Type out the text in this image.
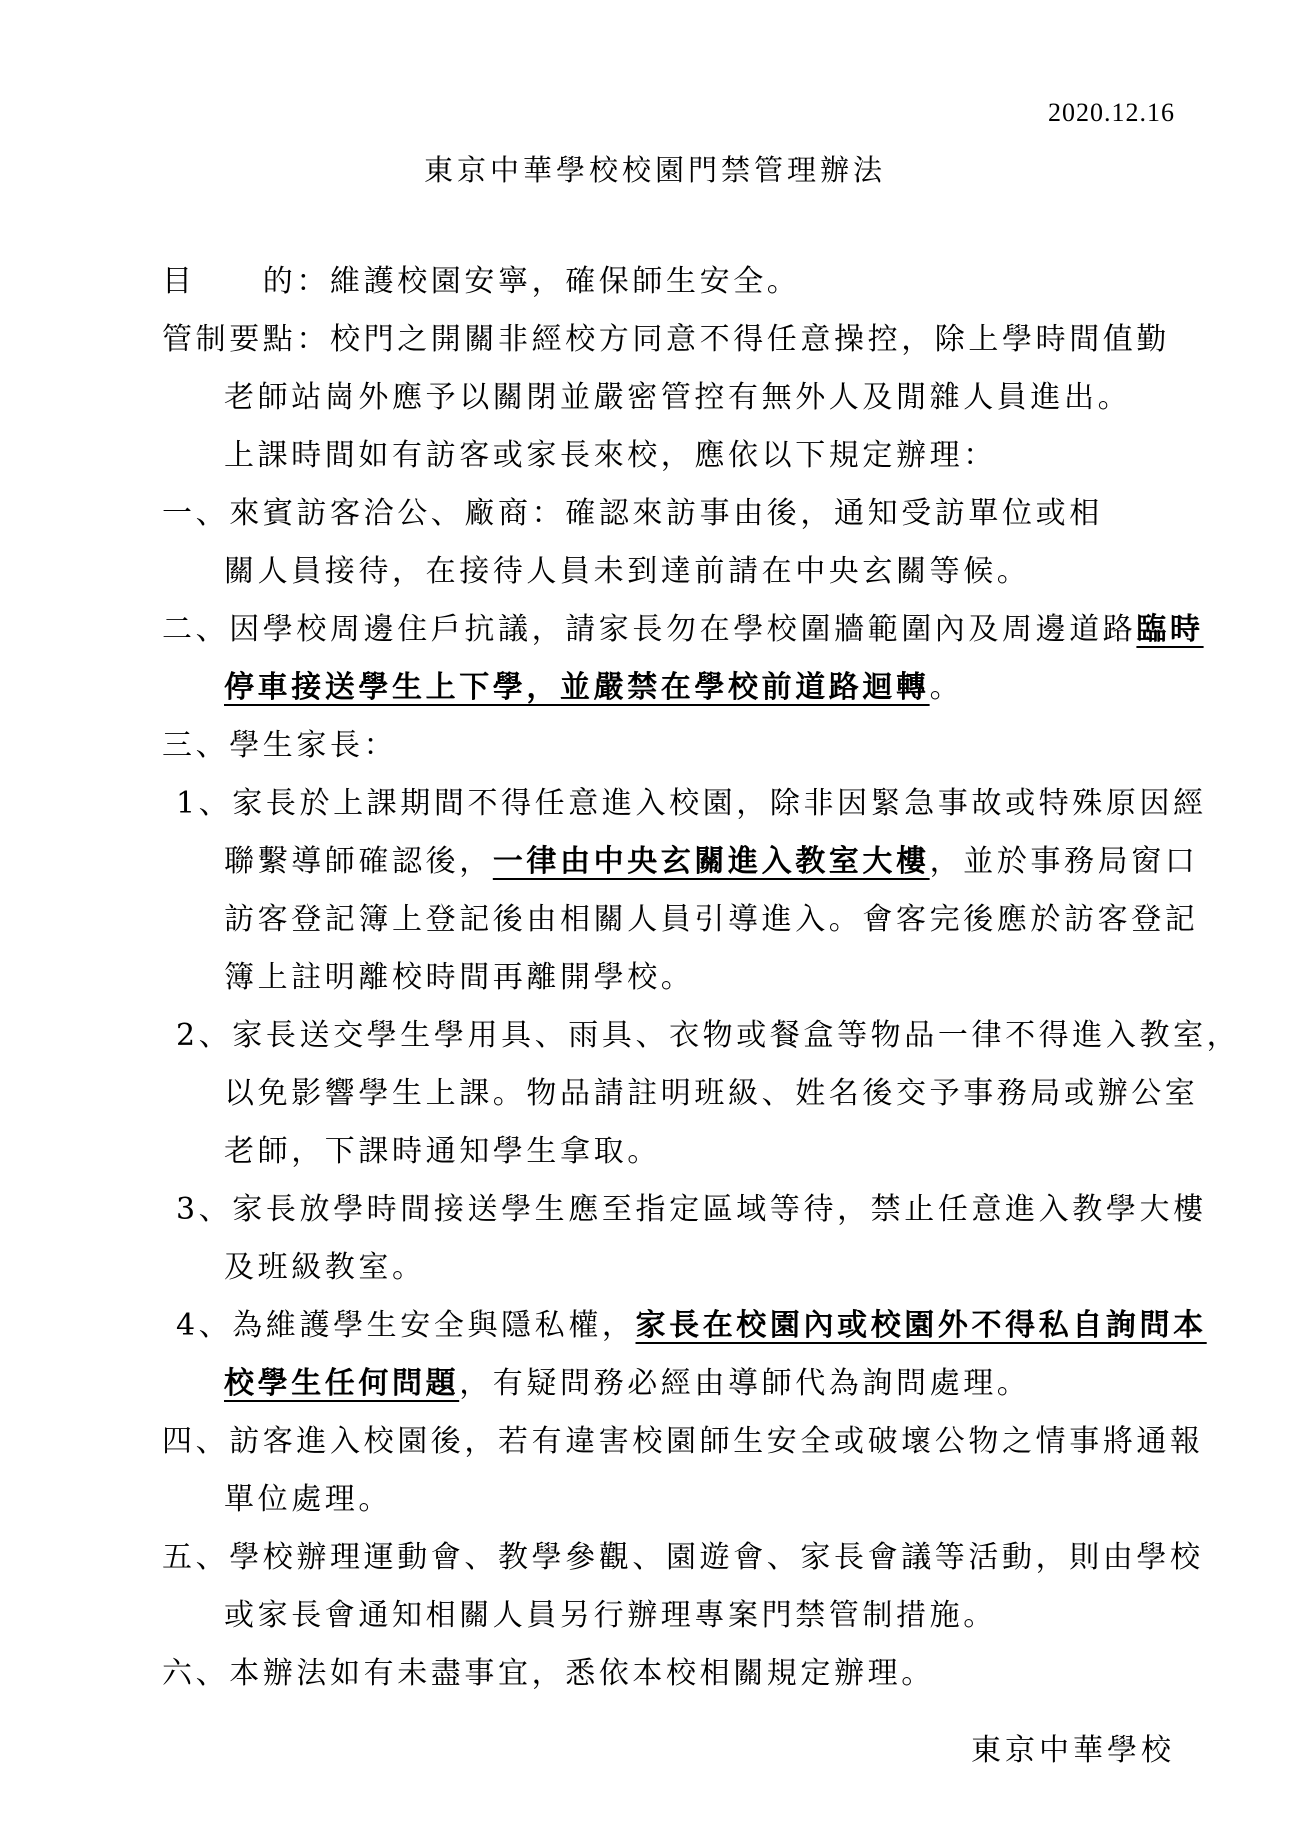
2020.12.16
東京中華學校校園門禁管理辦法
目　　的：維護校園安寧，確保師生安全。
管制要點：校門之開關非經校方同意不得任意操控，除上學時間值勤
老師站崗外應予以關閉並嚴密管控有無外人及閒雜人員進出。
上課時間如有訪客或家長來校，應依以下規定辦理：
一、來賓訪客洽公、廠商：確認來訪事由後，通知受訪單位或相
關人員接待，在接待人員未到達前請在中央玄關等候。
二、因學校周邊住戶抗議，請家長勿在學校圍牆範圍內及周邊道路臨時
停車接送學生上下學，並嚴禁在學校前道路迴轉。
三、學生家長：
1、家長於上課期間不得任意進入校園，除非因緊急事故或特殊原因經
聯繫導師確認後，一律由中央玄關進入教室大樓，並於事務局窗口
訪客登記簿上登記後由相關人員引導進入。會客完後應於訪客登記
簿上註明離校時間再離開學校。
2、家長送交學生學用具、雨具、衣物或餐盒等物品一律不得進入教室，
以免影響學生上課。物品請註明班級、姓名後交予事務局或辦公室
老師，下課時通知學生拿取。
3、家長放學時間接送學生應至指定區域等待，禁止任意進入教學大樓
及班級教室。
4、為維護學生安全與隱私權，家長在校園內或校園外不得私自詢問本
校學生任何問題，有疑問務必經由導師代為詢問處理。
四、訪客進入校園後，若有違害校園師生安全或破壞公物之情事將通報
單位處理。
五、學校辦理運動會、教學參觀、園遊會、家長會議等活動，則由學校
或家長會通知相關人員另行辦理專案門禁管制措施。
六、本辦法如有未盡事宜，悉依本校相關規定辦理。
東京中華學校
